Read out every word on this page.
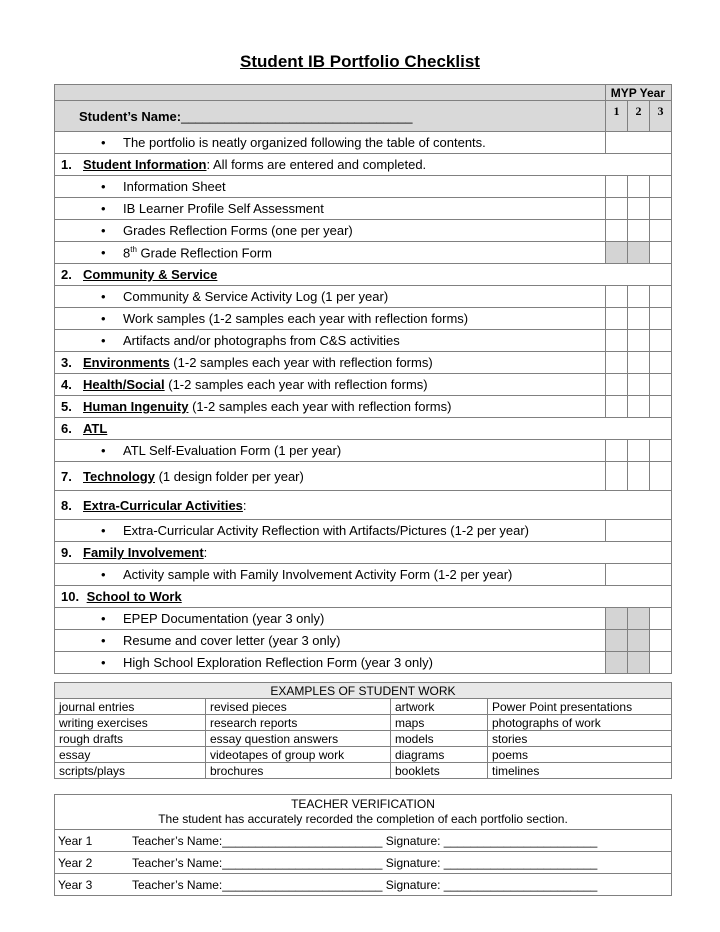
Student IB Portfolio Checklist
	MYP Year		
Student’s Name:________________________________	1	2	3
• The portfolio is neatly organized following the table of contents.			
1. Student Information: All forms are entered and completed.			
• Information Sheet			
• IB Learner Profile Self Assessment			
• Grades Reflection Forms (one per year)			
• 8th Grade Reflection Form			
2. Community & Service			
• Community & Service Activity Log (1 per year)			
• Work samples (1-2 samples each year with reflection forms)			
• Artifacts and/or photographs from C&S activities			
3. Environments (1-2 samples each year with reflection forms)			
4. Health/Social (1-2 samples each year with reflection forms)			
5. Human Ingenuity (1-2 samples each year with reflection forms)			
6. ATL			
• ATL Self-Evaluation Form (1 per year)			
7. Technology (1 design folder per year)			
8. Extra-Curricular Activities:			
• Extra-Curricular Activity Reflection with Artifacts/Pictures (1-2 per year)			
9. Family Involvement:			
• Activity sample with Family Involvement Activity Form (1-2 per year)			
10. School to Work			
• EPEP Documentation (year 3 only)			
• Resume and cover letter (year 3 only)			
• High School Exploration Reflection Form (year 3 only)			
EXAMPLES OF STUDENT WORK			
journal entries	revised pieces	artwork	Power Point presentations
writing exercises	research reports	maps	photographs of work
rough drafts	essay question answers	models	stories
essay	videotapes of group work	diagrams	poems
scripts/plays	brochures	booklets	timelines
TEACHER VERIFICATION
The student has accurately recorded the completion of each portfolio section.

Year 1	Teacher’s Name:________________________ Signature: _______________________
Year 2	Teacher’s Name:________________________ Signature: _______________________
Year 3	Teacher’s Name:________________________ Signature: _______________________
